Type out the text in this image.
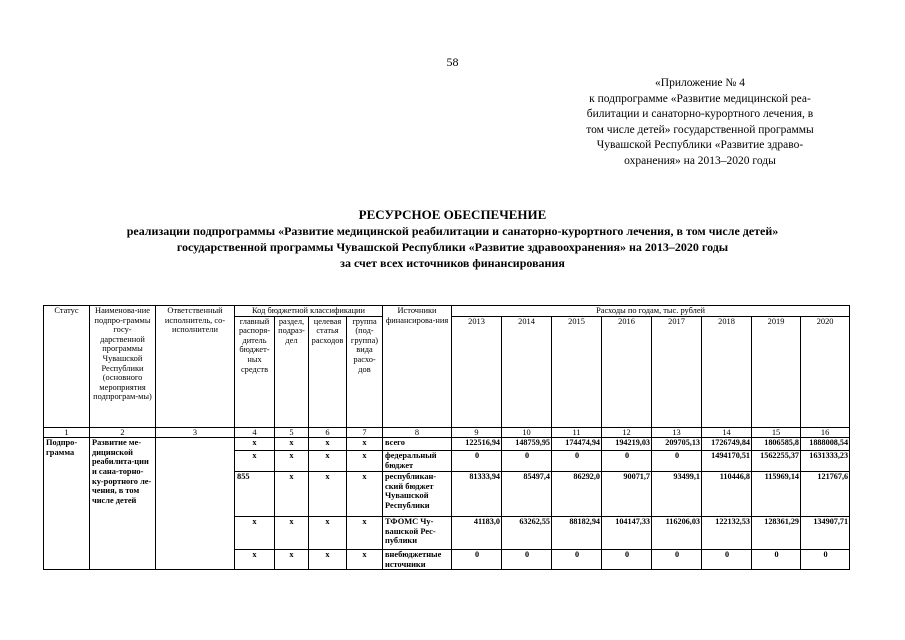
58
«Приложение № 4
к подпрограмме «Развитие медицинской реа-
билитации и санаторно-курортного лечения, в
том числе детей» государственной программы
Чувашской Республики «Развитие здраво-
охранения» на 2013–2020 годы
РЕСУРСНОЕ ОБЕСПЕЧЕНИЕ
реализации подпрограммы «Развитие медицинской реабилитации и санаторно-курортного лечения, в том числе детей»
государственной программы Чувашской Республики «Развитие здравоохранения» на 2013–2020 годы
за счет всех источников финансирования
Статус	Наименова-ние подпро-граммы госу-дарственной программы Чувашской Республики (основного мероприятия подпрограм-мы)	Ответственный исполнитель, со-исполнители	Код бюджетной классификации				Источники финансирова-ния	Расходы по годам, тыс. рублей							
			главный распоря-дитель бюджет-ных средств	раздел, подраз-дел	целевая статья расходов	группа (под-группа) вида расхо-дов		2013	2014	2015	2016	2017	2018	2019	2020
1	2	3	4	5	6	7	8	9	10	11	12	13	14	15	16
Подпро-грамма	Развитие ме-дицинской реабилита-ции и сана-торно-ку-рортного ле-чения, в том числе детей		х	х	х	х	всего	122516,94	148759,95	174474,94	194219,03	209705,13	1726749,84	1806585,8	1888008,54
			х	х	х	х	федеральный бюджет	0	0	0	0	0	1494170,51	1562255,37	1631333,23
			855	х	х	х	республикан-ский бюджет Чувашской Республики	81333,94	85497,4	86292,0	90071,7	93499,1	110446,8	115969,14	121767,6
			х	х	х	х	ТФОМС Чу-вашской Рес-публики	41183,0	63262,55	88182,94	104147,33	116206,03	122132,53	128361,29	134907,71
			х	х	х	х	внебюджетные источники	0	0	0	0	0	0	0	0
